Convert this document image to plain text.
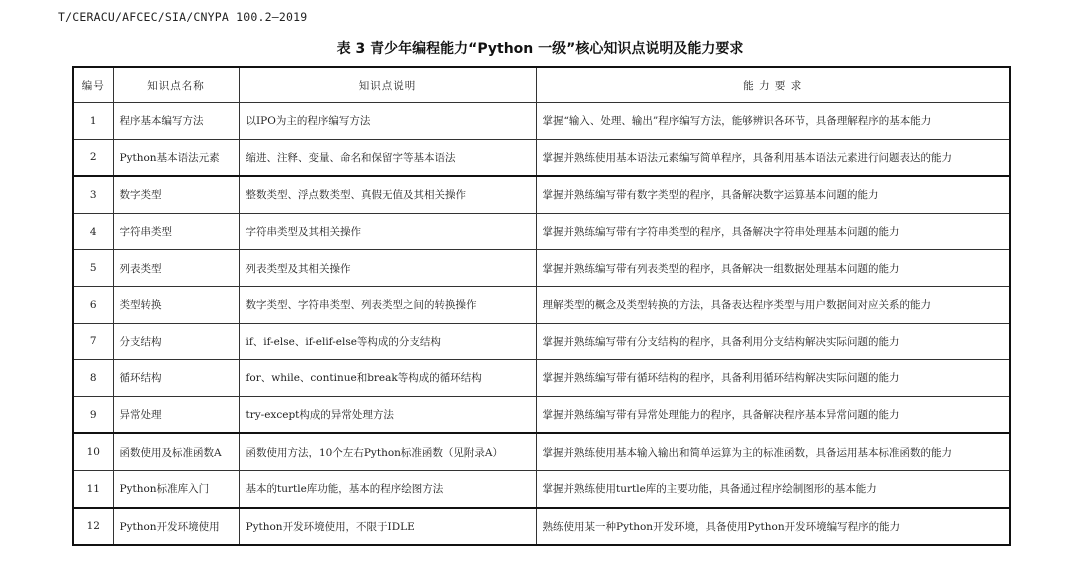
T/CERACU/AFCEC/SIA/CNYPA 100.2—2019
表 3 青少年编程能力“Python 一级”核心知识点说明及能力要求
编号	知识点名称	知识点说明	能 力 要 求
1	程序基本编写方法	以IPO为主的程序编写方法	掌握“输入、处理、输出”程序编写方法，能够辨识各环节，具备理解程序的基本能力
2	Python基本语法元素	缩进、注释、变量、命名和保留字等基本语法	掌握并熟练使用基本语法元素编写简单程序，具备利用基本语法元素进行问题表达的能力
3	数字类型	整数类型、浮点数类型、真假无值及其相关操作	掌握并熟练编写带有数字类型的程序，具备解决数字运算基本问题的能力
4	字符串类型	字符串类型及其相关操作	掌握并熟练编写带有字符串类型的程序，具备解决字符串处理基本问题的能力
5	列表类型	列表类型及其相关操作	掌握并熟练编写带有列表类型的程序，具备解决一组数据处理基本问题的能力
6	类型转换	数字类型、字符串类型、列表类型之间的转换操作	理解类型的概念及类型转换的方法，具备表达程序类型与用户数据间对应关系的能力
7	分支结构	if、if-else、if-elif-else等构成的分支结构	掌握并熟练编写带有分支结构的程序，具备利用分支结构解决实际问题的能力
8	循环结构	for、while、continue和break等构成的循环结构	掌握并熟练编写带有循环结构的程序，具备利用循环结构解决实际问题的能力
9	异常处理	try-except构成的异常处理方法	掌握并熟练编写带有异常处理能力的程序，具备解决程序基本异常问题的能力
10	函数使用及标准函数A	函数使用方法，10个左右Python标准函数（见附录A）	掌握并熟练使用基本输入输出和简单运算为主的标准函数，具备运用基本标准函数的能力
11	Python标准库入门	基本的turtle库功能，基本的程序绘图方法	掌握并熟练使用turtle库的主要功能，具备通过程序绘制图形的基本能力
12	Python开发环境使用	Python开发环境使用，不限于IDLE	熟练使用某一种Python开发环境，具备使用Python开发环境编写程序的能力
